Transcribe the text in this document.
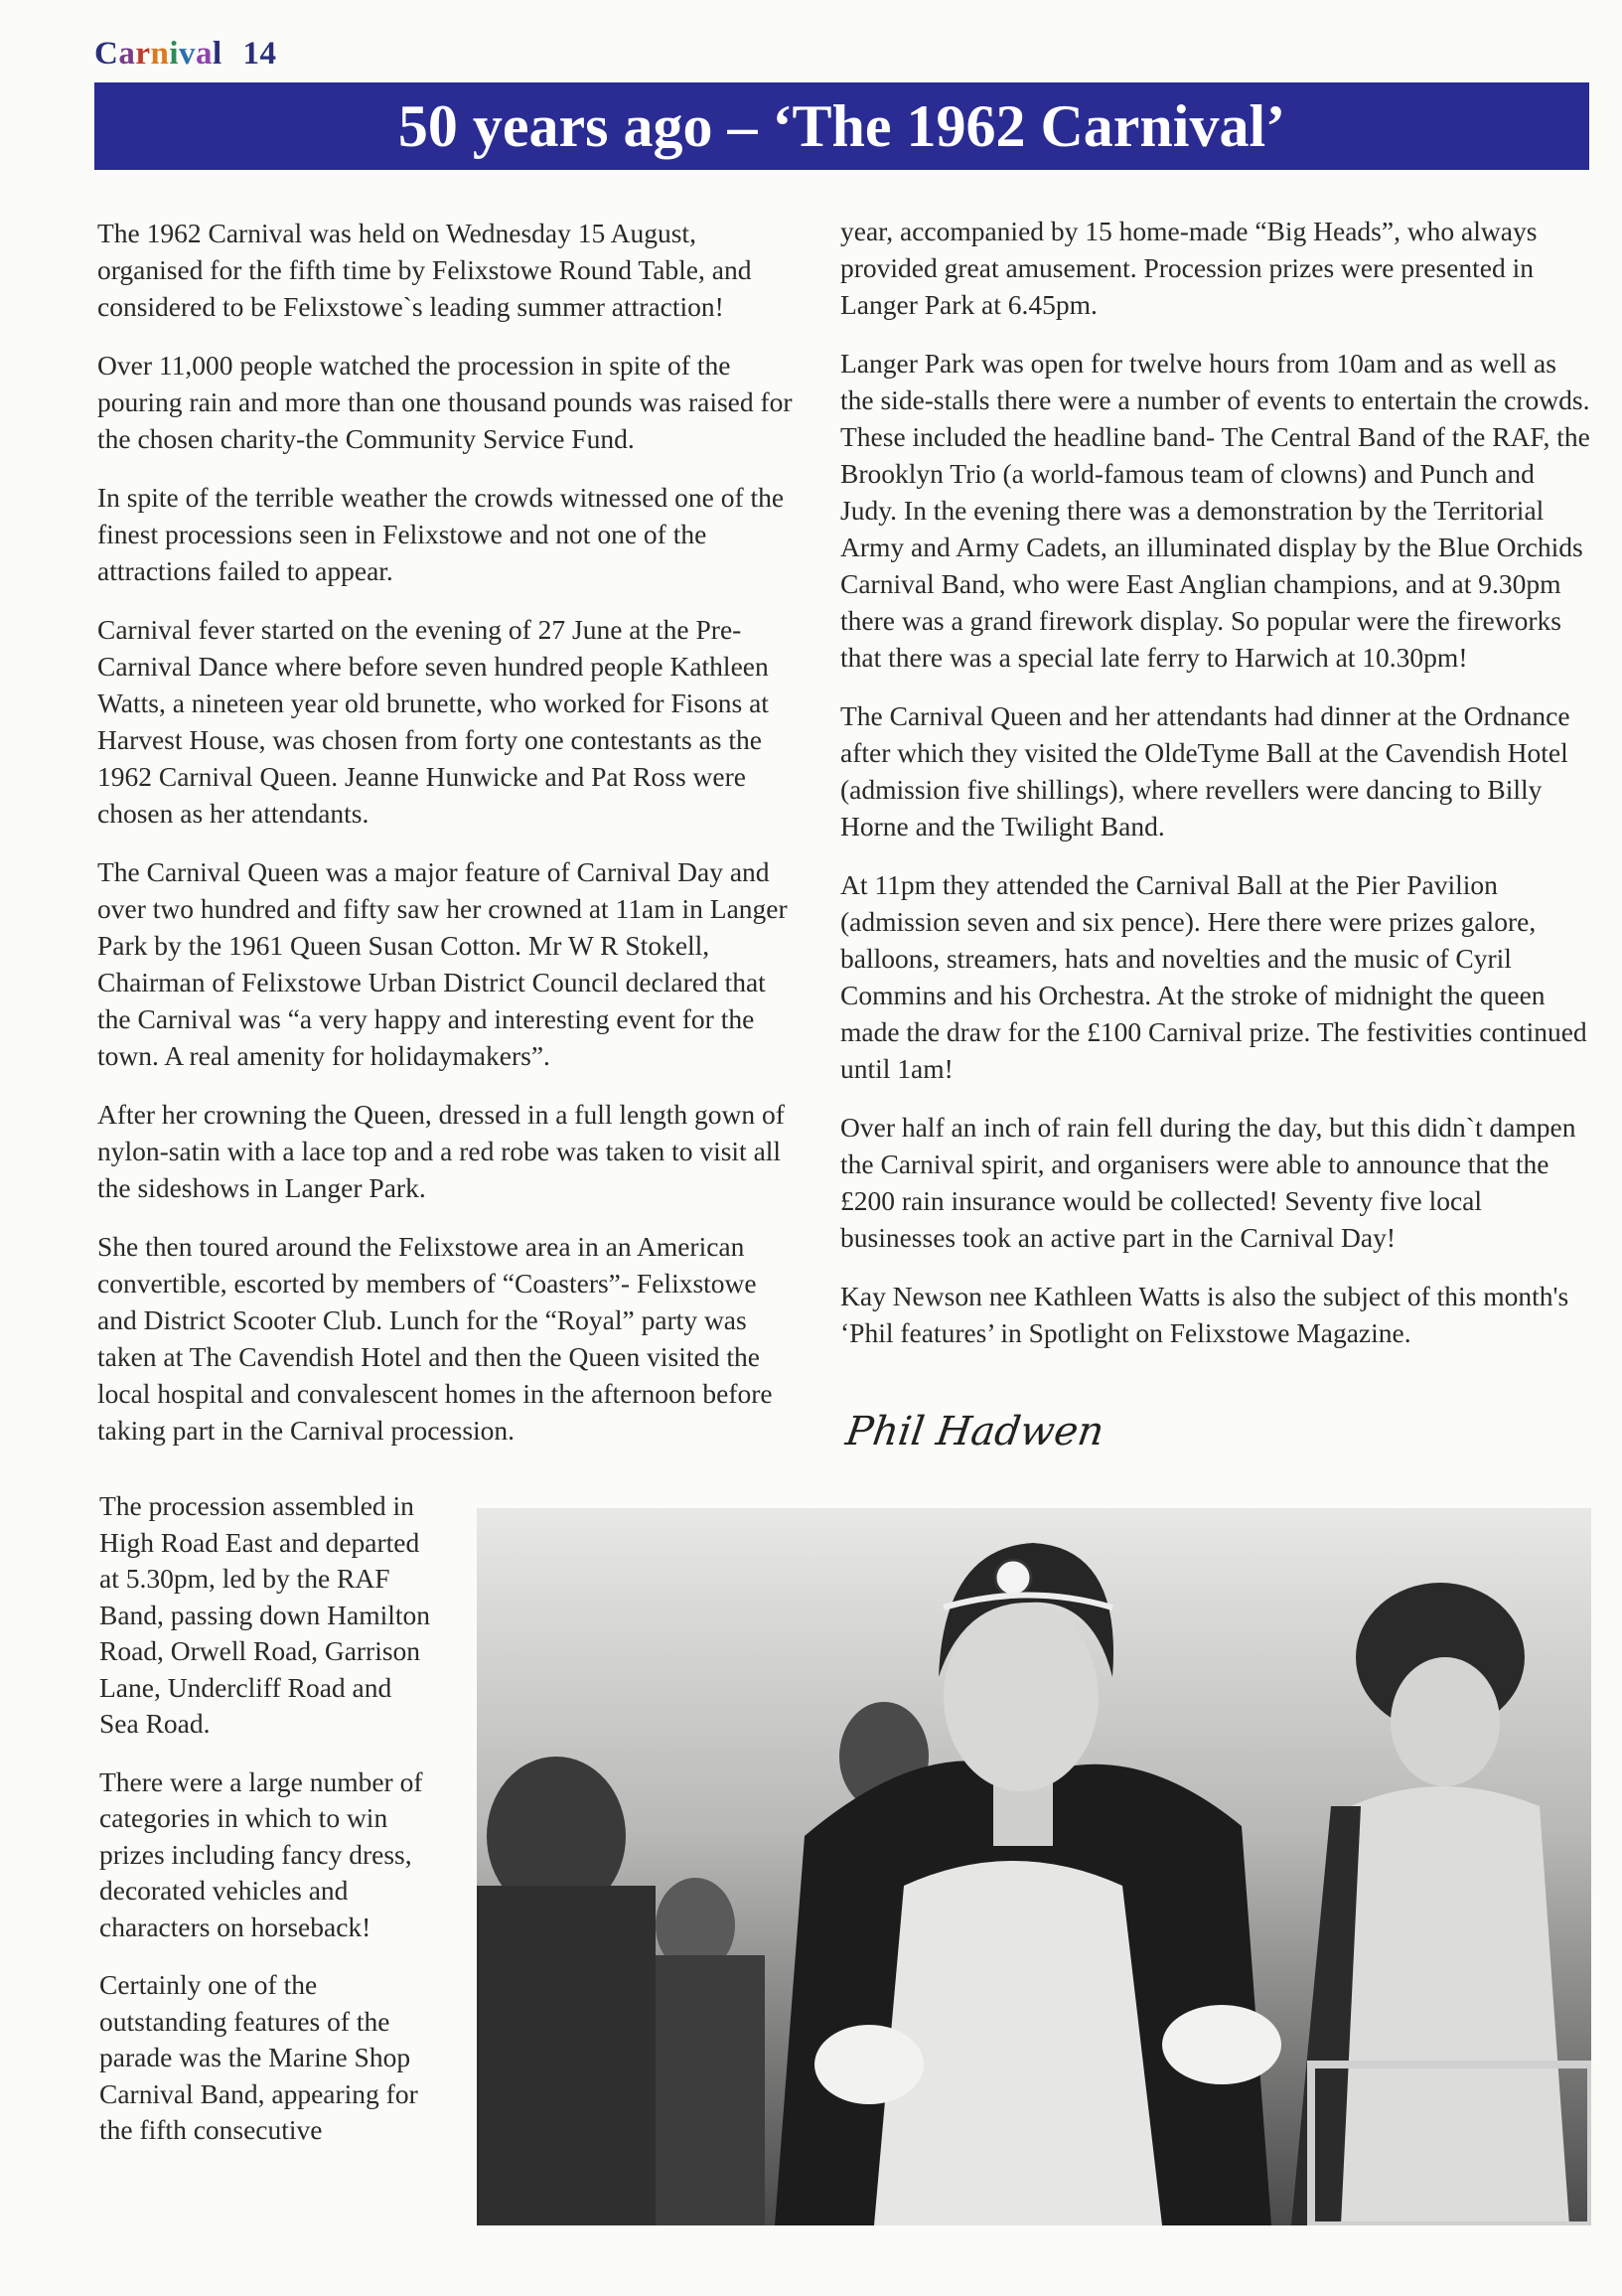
Carnival 14
50 years ago – ‘The 1962 Carnival’

The 1962 Carnival was held on Wednesday 15 August, organised for the fifth time by Felixstowe Round Table, and considered to be Felixstowe`s leading summer attraction!

Over 11,000 people watched the procession in spite of the pouring rain and more than one thousand pounds was raised for the chosen charity-the Community Service Fund.

In spite of the terrible weather the crowds witnessed one of the finest processions seen in Felixstowe and not one of the attractions failed to appear.

Carnival fever started on the evening of 27 June at the Pre-Carnival Dance where before seven hundred people Kathleen Watts, a nineteen year old brunette, who worked for Fisons at Harvest House, was chosen from forty one contestants as the 1962 Carnival Queen. Jeanne Hunwicke and Pat Ross were chosen as her attendants.

The Carnival Queen was a major feature of Carnival Day and over two hundred and fifty saw her crowned at 11am in Langer Park by the 1961 Queen Susan Cotton. Mr W R Stokell, Chairman of Felixstowe Urban District Council declared that the Carnival was “a very happy and interesting event for the town. A real amenity for holidaymakers”.

After her crowning the Queen, dressed in a full length gown of nylon-satin with a lace top and a red robe was taken to visit all the sideshows in Langer Park.

She then toured around the Felixstowe area in an American convertible, escorted by members of “Coasters”- Felixstowe and District Scooter Club. Lunch for the “Royal” party was taken at The Cavendish Hotel and then the Queen visited the local hospital and convalescent homes in the afternoon before taking part in the Carnival procession.

The procession assembled in High Road East and departed at 5.30pm, led by the RAF Band, passing down Hamilton Road, Orwell Road, Garrison Lane, Undercliff Road and Sea Road.

There were a large number of categories in which to win prizes including fancy dress, decorated vehicles and characters on horseback!

Certainly one of the outstanding features of the parade was the Marine Shop Carnival Band, appearing for the fifth consecutive

year, accompanied by 15 home-made “Big Heads”, who always provided great amusement. Procession prizes were presented in Langer Park at 6.45pm.

Langer Park was open for twelve hours from 10am and as well as the side-stalls there were a number of events to entertain the crowds. These included the headline band- The Central Band of the RAF, the Brooklyn Trio (a world-famous team of clowns) and Punch and Judy. In the evening there was a demonstration by the Territorial Army and Army Cadets, an illuminated display by the Blue Orchids Carnival Band, who were East Anglian champions, and at 9.30pm there was a grand firework display. So popular were the fireworks that there was a special late ferry to Harwich at 10.30pm!

The Carnival Queen and her attendants had dinner at the Ordnance after which they visited the OldeTyme Ball at the Cavendish Hotel (admission five shillings), where revellers were dancing to Billy Horne and the Twilight Band.

At 11pm they attended the Carnival Ball at the Pier Pavilion (admission seven and six pence). Here there were prizes galore, balloons, streamers, hats and novelties and the music of Cyril Commins and his Orchestra. At the stroke of midnight the queen made the draw for the £100 Carnival prize. The festivities continued until 1am!

Over half an inch of rain fell during the day, but this didn`t dampen the Carnival spirit, and organisers were able to announce that the £200 rain insurance would be collected! Seventy five local businesses took an active part in the Carnival Day!

Kay Newson nee Kathleen Watts is also the subject of this month's ‘Phil features’ in Spotlight on Felixstowe Magazine.

Phil Hadwen
